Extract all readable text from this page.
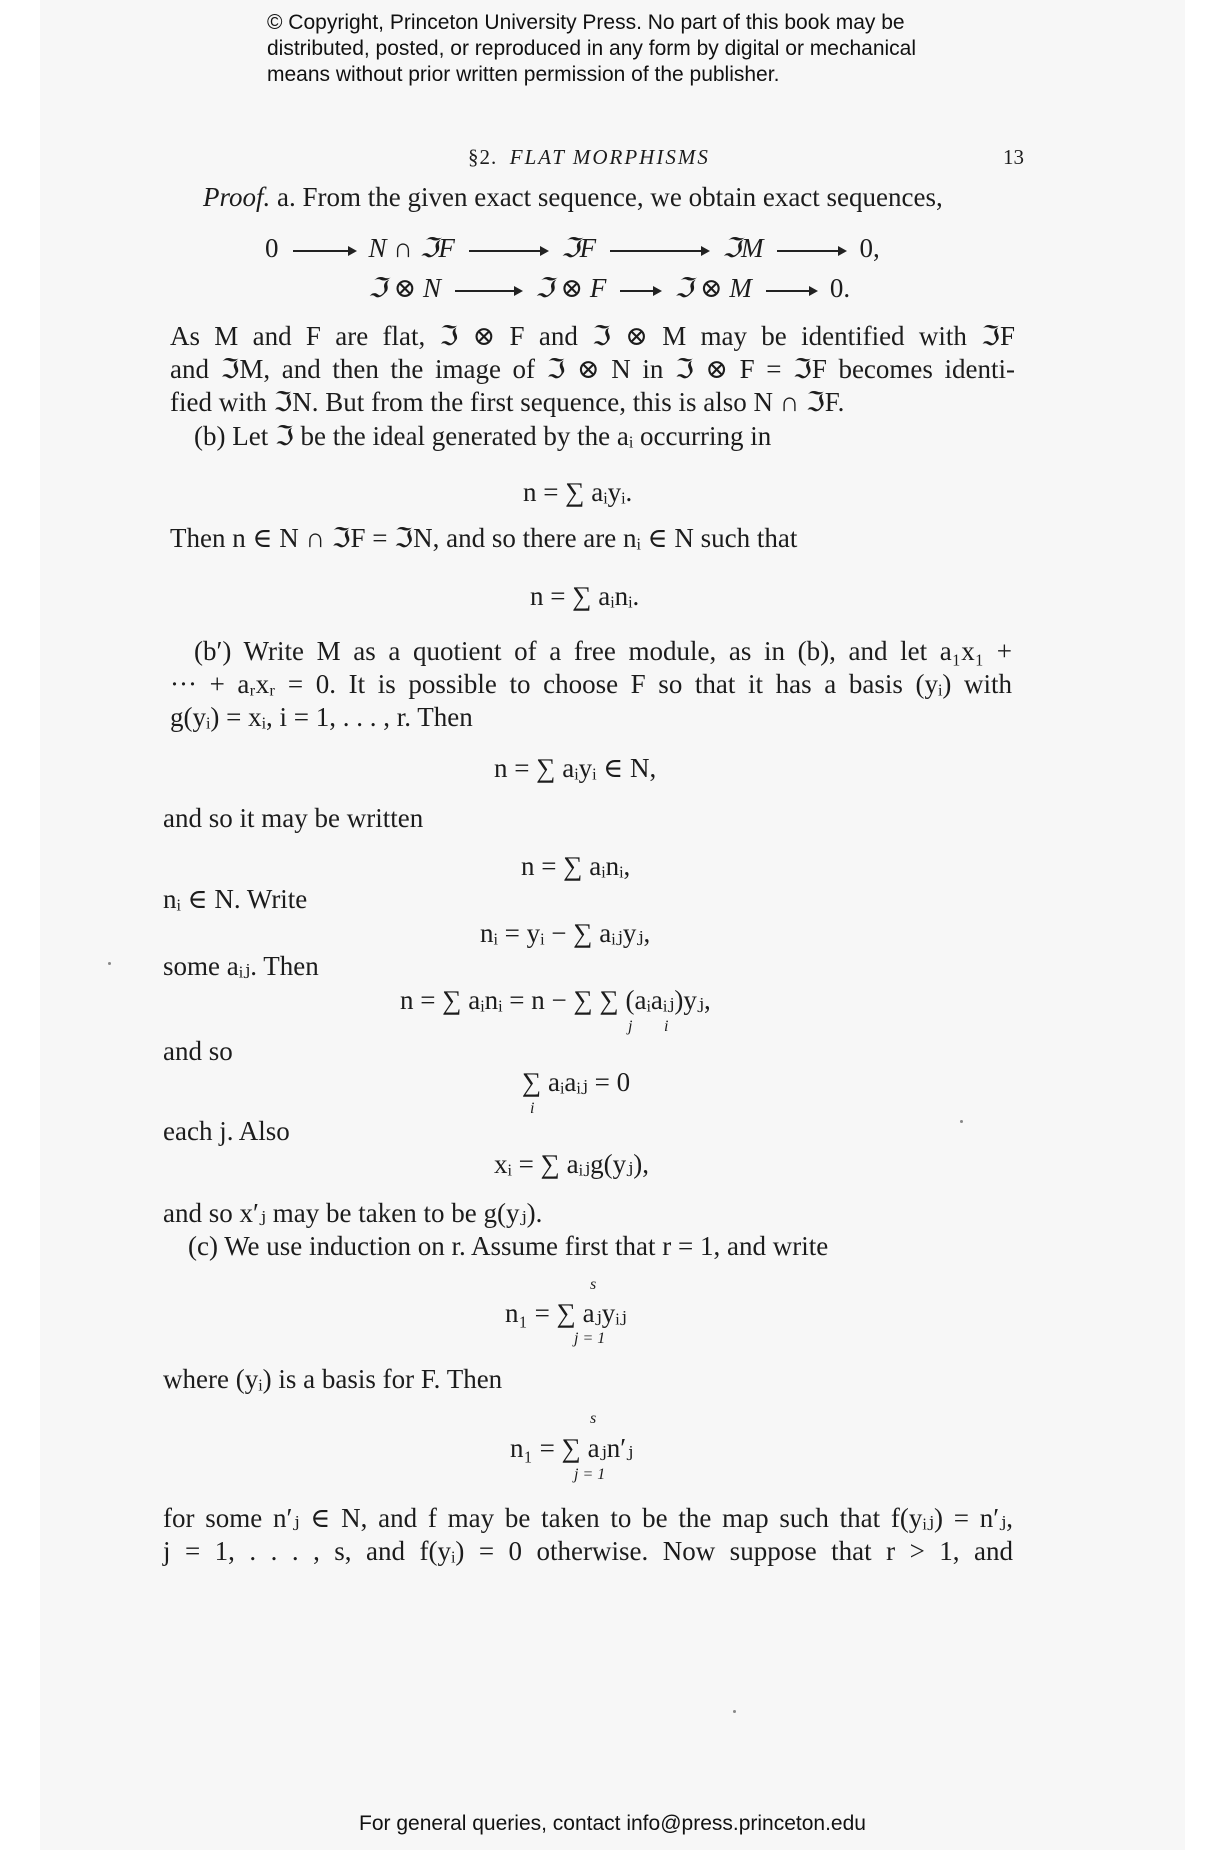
© Copyright, Princeton University Press. No part of this book may be
distributed, posted, or reproduced in any form by digital or mechanical
means without prior written permission of the publisher.
§2. FLAT MORPHISMS	13
Proof. a. From the given exact sequence, we obtain exact sequences,
0	N ∩ ℑF	ℑF	ℑM	0,
ℑ ⊗ N	ℑ ⊗ F	ℑ ⊗ M	0.
As M and F are flat, ℑ ⊗ F and ℑ ⊗ M may be identified with ℑF
and ℑM, and then the image of ℑ ⊗ N in ℑ ⊗ F = ℑF becomes identi-
fied with ℑN. But from the first sequence, this is also N ∩ ℑF.
(b) Let ℑ be the ideal generated by the aᵢ occurring in
n = ∑ aᵢyᵢ.
Then n ∈ N ∩ ℑF = ℑN, and so there are nᵢ ∈ N such that
n = ∑ aᵢnᵢ.
(b′) Write M as a quotient of a free module, as in (b), and let a₁x₁ +
··· + aᵣxᵣ = 0. It is possible to choose F so that it has a basis (yᵢ) with
g(yᵢ) = xᵢ, i = 1, . . . , r. Then
n = ∑ aᵢyᵢ ∈ N,
and so it may be written
n = ∑ aᵢnᵢ,
nᵢ ∈ N. Write
nᵢ = yᵢ − ∑ aᵢⱼyⱼ,
some aᵢⱼ. Then
n = ∑ aᵢnᵢ = n − ∑ ∑ (aᵢaᵢⱼ)yⱼ,
j i
and so
∑ aᵢaᵢⱼ = 0
i
each j. Also
xᵢ = ∑ aᵢⱼg(yⱼ),
and so x′ⱼ may be taken to be g(yⱼ).
(c) We use induction on r. Assume first that r = 1, and write
s
n₁ = ∑ aⱼyᵢⱼ
j = 1
where (yᵢ) is a basis for F. Then
s
n₁ = ∑ aⱼn′ⱼ
j = 1
for some n′ⱼ ∈ N, and f may be taken to be the map such that f(yᵢⱼ) = n′ⱼ,
j = 1, . . . , s, and f(yᵢ) = 0 otherwise. Now suppose that r > 1, and
For general queries, contact info@press.princeton.edu
